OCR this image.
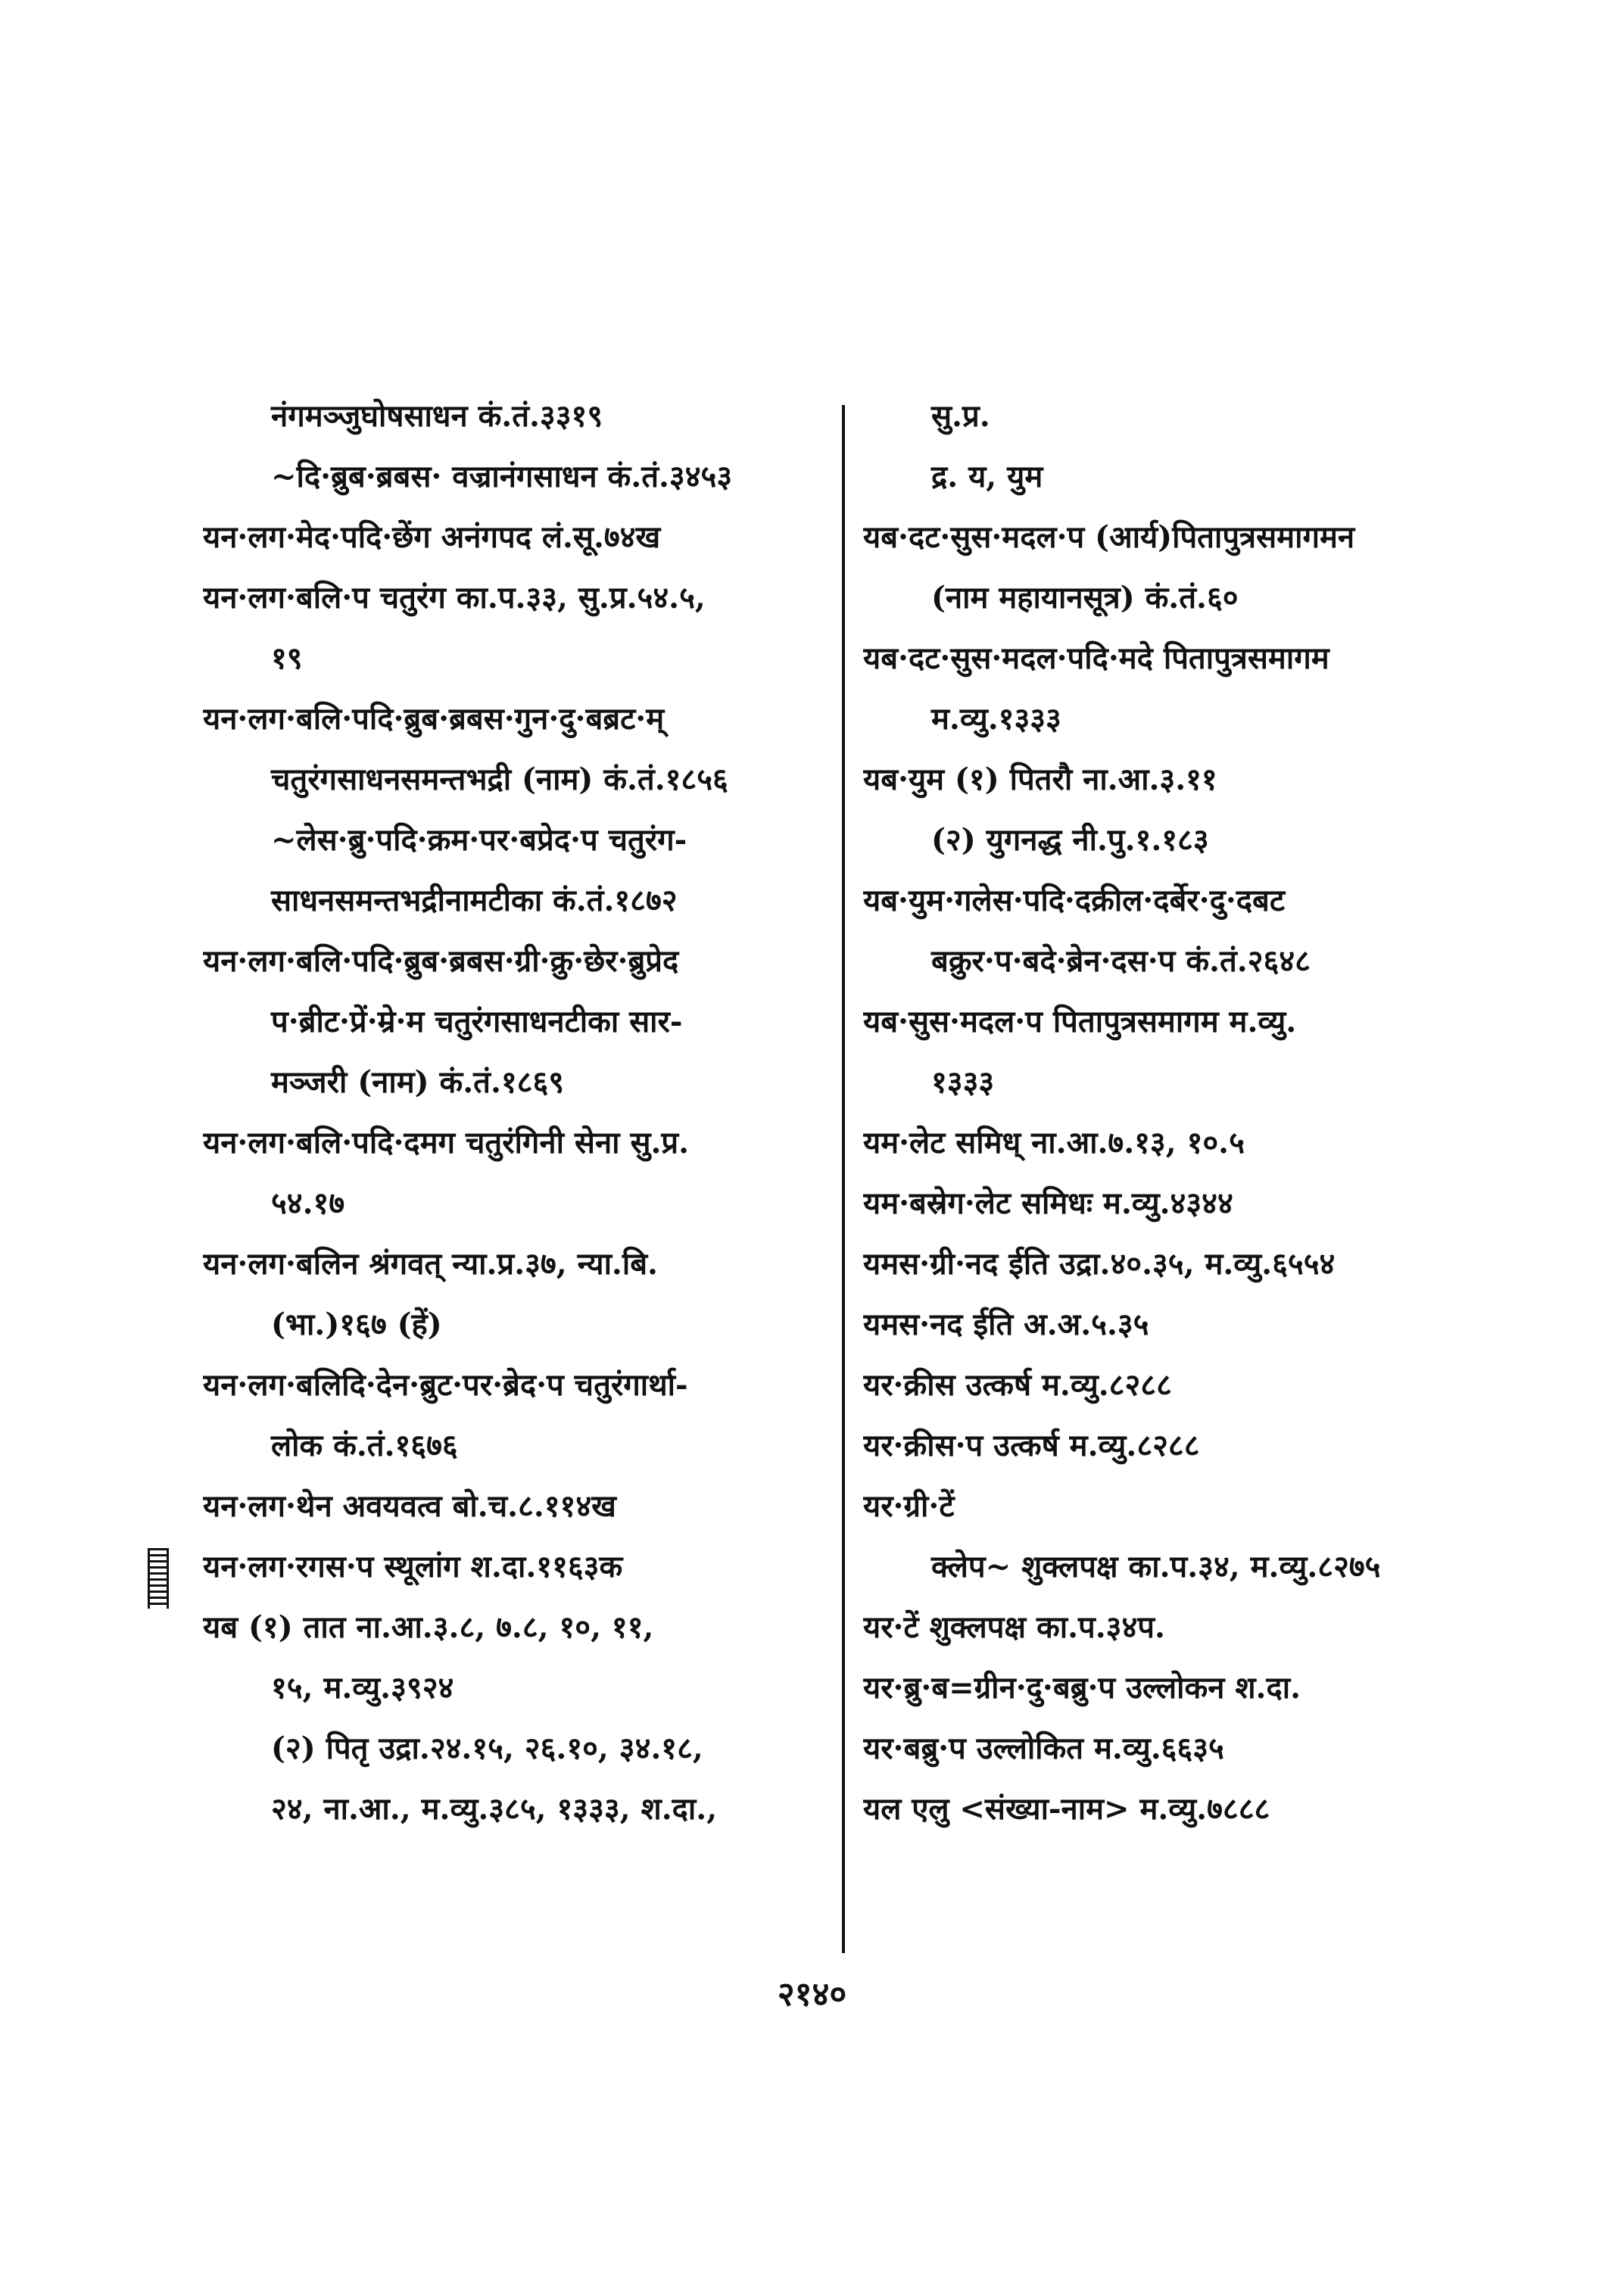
नंगमञ्जुघोषसाधन कं.तं.३३१९
~दि·ब्रुब·ब्रबस· वज्रानंगसाधन कं.तं.३४५३
यन·लग·मेद·पदि·छेंग अनंगपद लं.सू.७४ख
यन·लग·बलि·प चतुरंग का.प.३३, सु.प्र.५४.५,
१९
यन·लग·बलि·पदि·ब्रुब·ब्रबस·गुन·दु·बब्रट·म्
चतुरंगसाधनसमन्तभद्री (नाम) कं.तं.१८५६
~लेस·ब्रु·पदि·क्रम·पर·बप्रेद·प चतुरंग-
साधनसमन्तभद्रीनामटीका कं.तं.१८७२
यन·लग·बलि·पदि·ब्रुब·ब्रबस·ग्री·क्रु·छेर·ब्रुप्रेद
प·ब्रीट·प्रें·म्रे·म चतुरंगसाधनटीका सार-
मञ्जरी (नाम) कं.तं.१८६९
यन·लग·बलि·पदि·दमग चतुरंगिनी सेना सु.प्र.
५४.१७
यन·लग·बलिन श्रंगवत् न्या.प्र.३७, न्या.बि.
(भा.)१६७ (हें)
यन·लग·बलिदि·देन·ब्रुट·पर·ब्रेद·प चतुरंगार्था-
लोक कं.तं.१६७६
यन·लग·थेन अवयवत्व बो.च.८.११४ख
यन·लग·रगस·प स्थूलांग श.दा.११६३क
यब (१) तात ना.आ.३.८, ७.८, १०, ११,
१५, म.व्यु.३९२४
(२) पितृ उद्रा.२४.१५, २६.१०, ३४.१८,
२४, ना.आ., म.व्यु.३८५, १३३३, श.दा.,
सु.प्र.
द्र. य, युम
यब·दट·सुस·मदल·प (आर्य)पितापुत्रसमागमन
(नाम महायानसूत्र) कं.तं.६०
यब·दट·सुस·मदल·पदि·मदे पितापुत्रसमागम
म.व्यु.१३३३
यब·युम (१) पितरौ ना.आ.३.११
(२) युगनद्ध नी.पु.१.१८३
यब·युम·गलेस·पदि·दक्रील·दर्बेर·दु·दबट
बक्रुर·प·बदे·ब्रेन·दस·प कं.तं.२६४८
यब·सुस·मदल·प पितापुत्रसमागम म.व्यु.
१३३३
यम·लेट समिध् ना.आ.७.१३, १०.५
यम·बस्रेग·लेट समिधः म.व्यु.४३४४
यमस·ग्री·नद ईति उद्रा.४०.३५, म.व्यु.६५५४
यमस·नद ईति अ.अ.५.३५
यर·क्रीस उत्कर्ष म.व्यु.८२८८
यर·क्रीस·प उत्कर्ष म.व्यु.८२८८
यर·ग्री·टें
क्लेप~ शुक्लपक्ष का.प.३४, म.व्यु.८२७५
यर·टें शुक्लपक्ष का.प.३४प.
यर·ब्रु·ब=ग्रीन·दु·बब्रु·प उल्लोकन श.दा.
यर·बब्रु·प उल्लोकित म.व्यु.६६३५
यल एलु <संख्या-नाम> म.व्यु.७८८८
२१४०
